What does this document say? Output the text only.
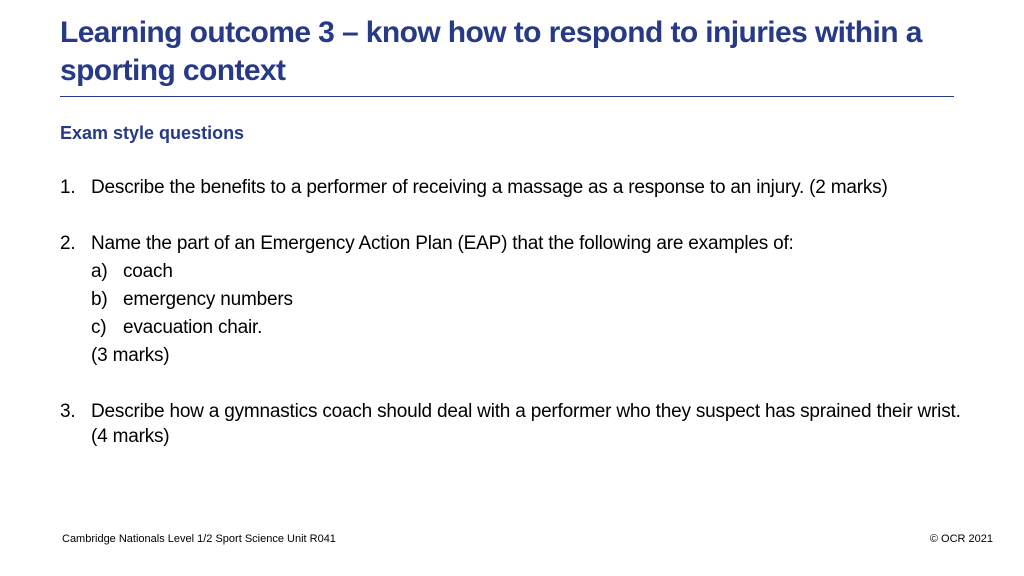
Learning outcome 3 – know how to respond to injuries within a sporting context
Exam style questions
1. Describe the benefits to a performer of receiving a massage as a response to an injury. (2 marks)
2. Name the part of an Emergency Action Plan (EAP) that the following are examples of:
a) coach
b) emergency numbers
c) evacuation chair.
(3 marks)
3. Describe how a gymnastics coach should deal with a performer who they suspect has sprained their wrist. (4 marks)
Cambridge Nationals Level 1/2 Sport Science Unit R041	© OCR 2021
